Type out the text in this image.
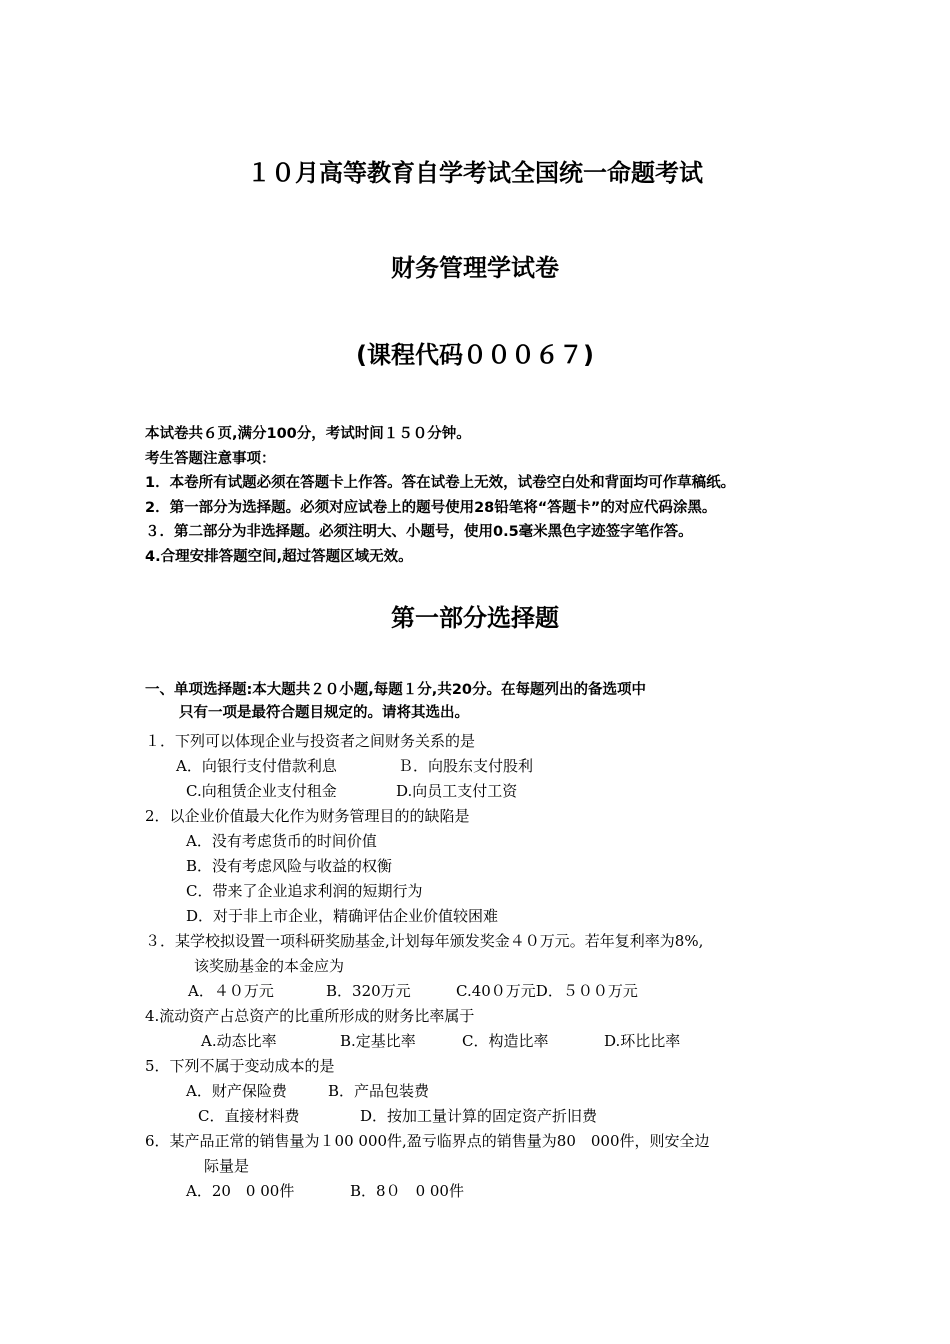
１０月高等教育自学考试全国统一命题考试
财务管理学试卷
(课程代码０００６７)
本试卷共６页,满分100分，考试时间１５０分钟。
考生答题注意事项：
1．本卷所有试题必须在答题卡上作答。答在试卷上无效，试卷空白处和背面均可作草稿纸。
2．第一部分为选择题。必须对应试卷上的题号使用28铅笔将“答题卡”的对应代码涂黑。
３．第二部分为非选择题。必须注明大、小题号，使用0.5毫米黑色字迹签字笔作答。
4.合理安排答题空间,超过答题区域无效。
第一部分选择题
一、单项选择题:本大题共２０小题,每题１分,共20分。在每题列出的备选项中
只有一项是最符合题目规定的。请将其选出。
１．下列可以体现企业与投资者之间财务关系的是
A．向银行支付借款利息	Ｂ．向股东支付股利
C.向租赁企业支付租金	D.向员工支付工资
2．以企业价值最大化作为财务管理目的的缺陷是
A．没有考虑货币的时间价值
B．没有考虑风险与收益的权衡
C．带来了企业追求利润的短期行为
D．对于非上市企业，精确评估企业价值较困难
３．某学校拟设置一项科研奖励基金,计划每年颁发奖金４０万元。若年复利率为8%,
该奖励基金的本金应为
A．４０万元	B．320万元	C.40０万元D．５００万元
4.流动资产占总资产的比重所形成的财务比率属于
A.动态比率	B.定基比率	C．构造比率	D.环比比率
5．下列不属于变动成本的是
A．财产保险费	B．产品包装费
C．直接材料费	D．按加工量计算的固定资产折旧费
6．某产品正常的销售量为１00 000件,盈亏临界点的销售量为80　000件，则安全边
际量是
A．20　0 00件	B．8０　0 00件
